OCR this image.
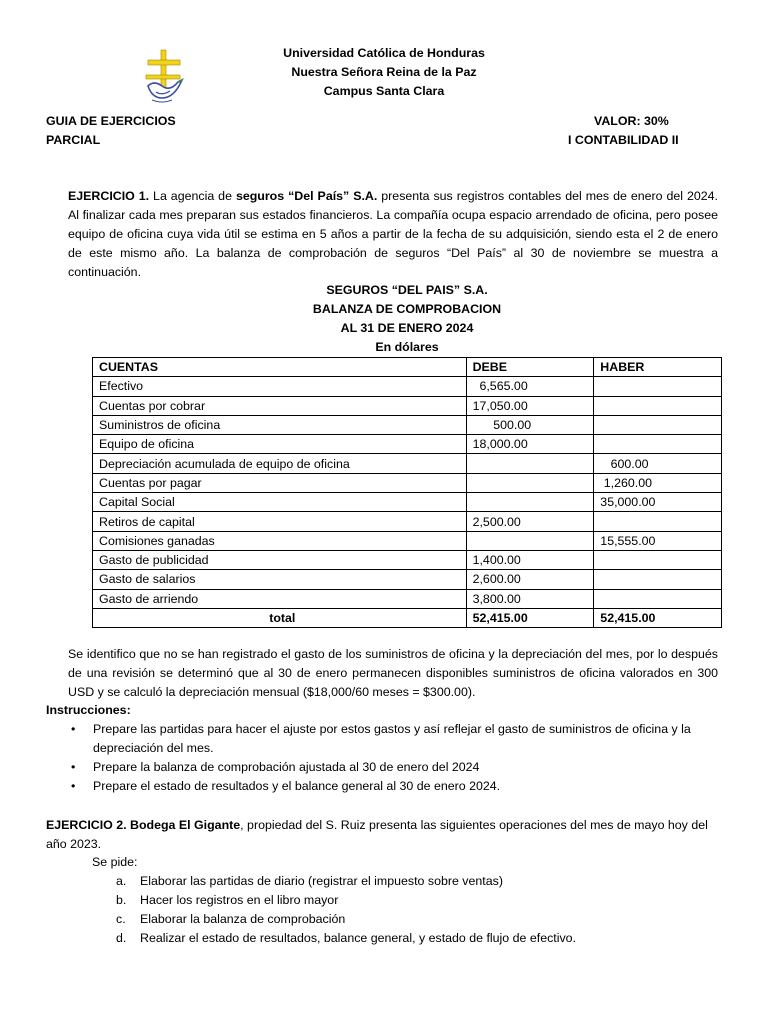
Universidad Católica de Honduras
Nuestra Señora Reina de la Paz
Campus Santa Clara
GUIA DE EJERCICIOS
PARCIAL
VALOR: 30%
I CONTABILIDAD II
EJERCICIO 1. La agencia de seguros “Del País” S.A. presenta sus registros contables del mes de enero del 2024. Al finalizar cada mes preparan sus estados financieros. La compañía ocupa espacio arrendado de oficina, pero posee equipo de oficina cuya vida útil se estima en 5 años a partir de la fecha de su adquisición, siendo esta el 2 de enero de este mismo año. La balanza de comprobación de seguros “Del País” al 30 de noviembre se muestra a continuación.
SEGUROS “DEL PAIS” S.A.
BALANZA DE COMPROBACION
AL 31 DE ENERO 2024
En dólares
CUENTAS	DEBE	HABER
Efectivo	6,565.00	
Cuentas por cobrar	17,050.00	
Suministros de oficina	500.00	
Equipo de oficina	18,000.00	
Depreciación acumulada de equipo de oficina		600.00
Cuentas por pagar		1,260.00
Capital Social		35,000.00
Retiros de capital	2,500.00	
Comisiones ganadas		15,555.00
Gasto de publicidad	1,400.00	
Gasto de salarios	2,600.00	
Gasto de arriendo	3,800.00	
total	52,415.00	52,415.00
Se identifico que no se han registrado el gasto de los suministros de oficina y la depreciación del mes, por lo después de una revisión se determinó que al 30 de enero permanecen disponibles suministros de oficina valorados en 300 USD y se calculó la depreciación mensual ($18,000/60 meses = $300.00).
Instrucciones:
• Prepare las partidas para hacer el ajuste por estos gastos y así reflejar el gasto de suministros de oficina y la depreciación del mes.
• Prepare la balanza de comprobación ajustada al 30 de enero del 2024
• Prepare el estado de resultados y el balance general al 30 de enero 2024.
EJERCICIO 2. Bodega El Gigante, propiedad del S. Ruiz presenta las siguientes operaciones del mes de mayo hoy del año 2023.
Se pide:
a. Elaborar las partidas de diario (registrar el impuesto sobre ventas)
b. Hacer los registros en el libro mayor
c. Elaborar la balanza de comprobación
d. Realizar el estado de resultados, balance general, y estado de flujo de efectivo.
